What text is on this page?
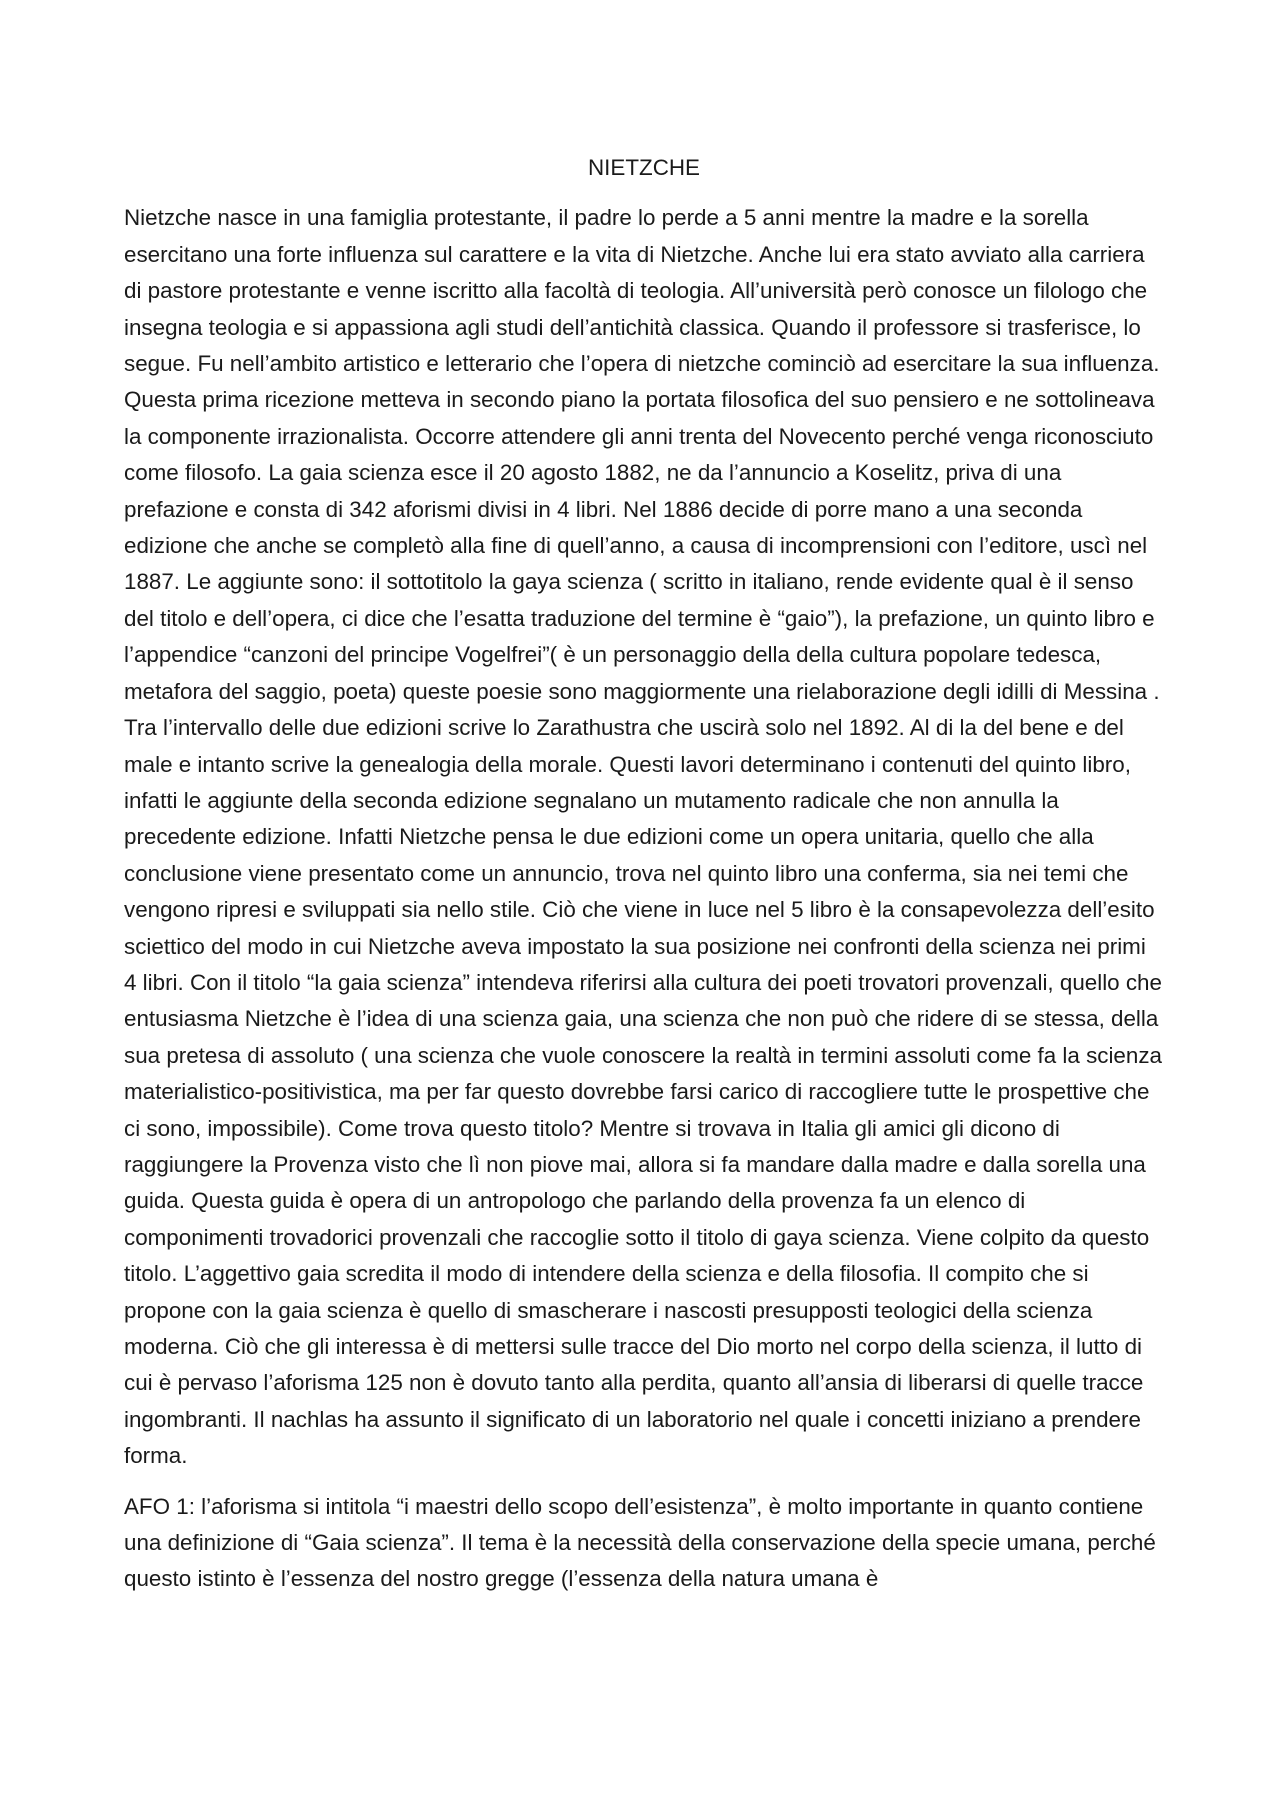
NIETZCHE

Nietzche nasce in una famiglia protestante, il padre lo perde a 5 anni mentre la madre e la sorella esercitano una forte influenza sul carattere e la vita di Nietzche. Anche lui era stato avviato alla carriera di pastore protestante e venne iscritto alla facoltà di teologia. All’università però conosce un filologo che insegna teologia e si appassiona agli studi dell’antichità classica. Quando il professore si trasferisce, lo segue. Fu nell’ambito artistico e letterario che l’opera di nietzche cominciò ad esercitare la sua influenza. Questa prima ricezione metteva in secondo piano la portata filosofica del suo pensiero e ne sottolineava la componente irrazionalista. Occorre attendere gli anni trenta del Novecento perché venga riconosciuto come filosofo. La gaia scienza esce il 20 agosto 1882, ne da l’annuncio a Koselitz, priva di una prefazione e consta di 342 aforismi divisi in 4 libri. Nel 1886 decide di porre mano a una seconda edizione che anche se completò alla fine di quell’anno, a causa di incomprensioni con l’editore, uscì nel 1887. Le aggiunte sono: il sottotitolo la gaya scienza ( scritto in italiano, rende evidente qual è il senso del titolo e dell’opera, ci dice che l’esatta traduzione del termine è “gaio”), la prefazione, un quinto libro e l’appendice “canzoni del principe Vogelfrei”( è un personaggio della della cultura popolare tedesca, metafora del saggio, poeta) queste poesie sono maggiormente una rielaborazione degli idilli di Messina . Tra l’intervallo delle due edizioni scrive lo Zarathustra che uscirà solo nel 1892. Al di la del bene e del male e intanto scrive la genealogia della morale. Questi lavori determinano i contenuti del quinto libro, infatti le aggiunte della seconda edizione segnalano un mutamento radicale che non annulla la precedente edizione. Infatti Nietzche pensa le due edizioni come un opera unitaria, quello che alla conclusione viene presentato come un annuncio, trova nel quinto libro una conferma, sia nei temi che vengono ripresi e sviluppati sia nello stile. Ciò che viene in luce nel 5 libro è la consapevolezza dell’esito sciettico del modo in cui Nietzche aveva impostato la sua posizione nei confronti della scienza nei primi 4 libri. Con il titolo “la gaia scienza” intendeva riferirsi alla cultura dei poeti trovatori provenzali, quello che entusiasma Nietzche è l’idea di una scienza gaia, una scienza che non può che ridere di se stessa, della sua pretesa di assoluto ( una scienza che vuole conoscere la realtà in termini assoluti come fa la scienza materialistico-positivistica, ma per far questo dovrebbe farsi carico di raccogliere tutte le prospettive che ci sono, impossibile). Come trova questo titolo? Mentre si trovava in Italia gli amici gli dicono di raggiungere la Provenza visto che lì non piove mai, allora si fa mandare dalla madre e dalla sorella una guida. Questa guida è opera di un antropologo che parlando della provenza fa un elenco di componimenti trovadorici provenzali che raccoglie sotto il titolo di gaya scienza. Viene colpito da questo titolo. L’aggettivo gaia scredita il modo di intendere della scienza e della filosofia. Il compito che si propone con la gaia scienza è quello di smascherare i nascosti presupposti teologici della scienza moderna. Ciò che gli interessa è di mettersi sulle tracce del Dio morto nel corpo della scienza, il lutto di cui è pervaso l’aforisma 125 non è dovuto tanto alla perdita, quanto all’ansia di liberarsi di quelle tracce ingombranti. Il nachlas ha assunto il significato di un laboratorio nel quale i concetti iniziano a prendere forma.

AFO 1: l’aforisma si intitola “i maestri dello scopo dell’esistenza”, è molto importante in quanto contiene una definizione di “Gaia scienza”. Il tema è la necessità della conservazione della specie umana, perché questo istinto è l’essenza del nostro gregge (l’essenza della natura umana è
